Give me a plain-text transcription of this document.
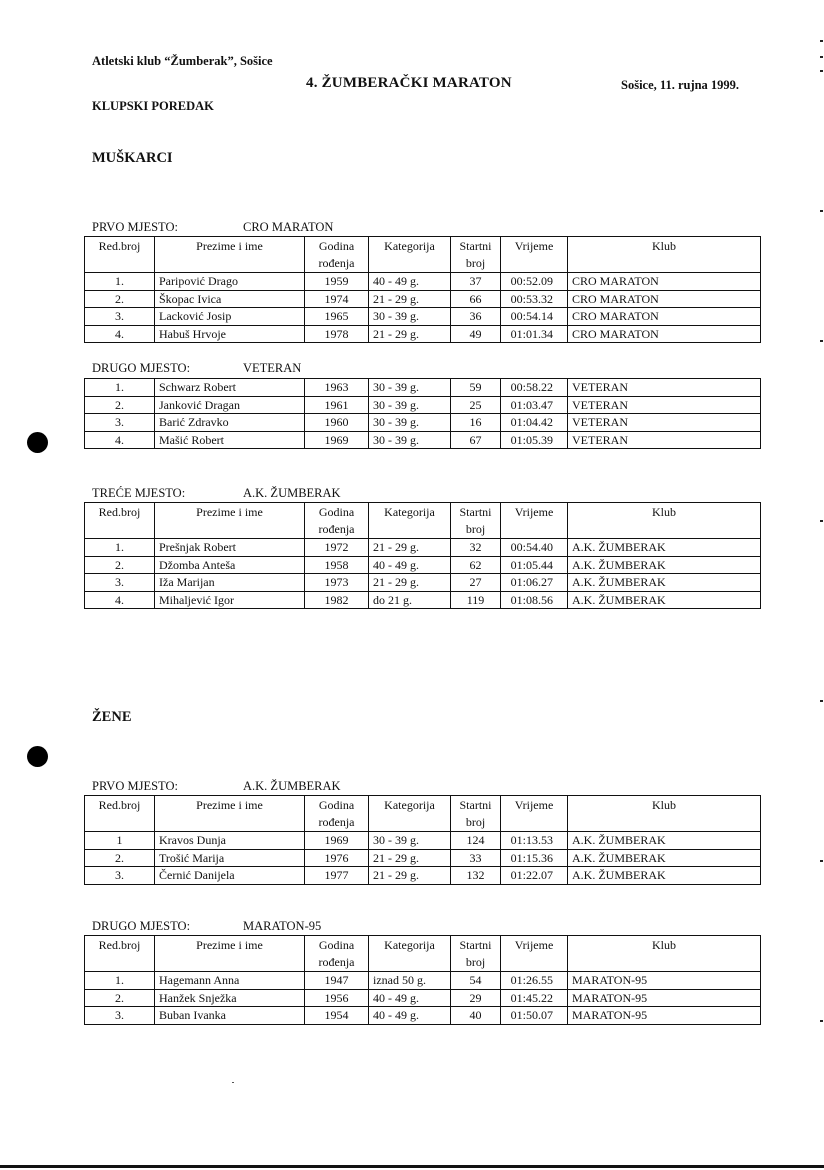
Atletski klub “Žumberak”, Sošice
4. ŽUMBERAČKI MARATON	Sošice, 11. rujna 1999.
KLUPSKI POREDAK
MUŠKARCI
ŽENE
PRVO MJESTO:	CRO MARATON
DRUGO MJESTO:	VETERAN
TREĆE MJESTO:	A.K. ŽUMBERAK
PRVO MJESTO:	A.K. ŽUMBERAK
DRUGO MJESTO:	MARATON-95
Red.broj	Prezime i ime	Godina rođenja	Kategorija	Startni broj	Vrijeme	Klub
1.	Paripović Drago	1959	40 - 49 g.	37	00:52.09	CRO MARATON
2.	Škopac Ivica	1974	21 - 29 g.	66	00:53.32	CRO MARATON
3.	Lacković Josip	1965	30 - 39 g.	36	00:54.14	CRO MARATON
4.	Habuš Hrvoje	1978	21 - 29 g.	49	01:01.34	CRO MARATON
1.	Schwarz Robert	1963	30 - 39 g.	59	00:58.22	VETERAN
2.	Janković Dragan	1961	30 - 39 g.	25	01:03.47	VETERAN
3.	Barić Zdravko	1960	30 - 39 g.	16	01:04.42	VETERAN
4.	Mašić Robert	1969	30 - 39 g.	67	01:05.39	VETERAN
Red.broj	Prezime i ime	Godina rođenja	Kategorija	Startni broj	Vrijeme	Klub
1.	Prešnjak Robert	1972	21 - 29 g.	32	00:54.40	A.K. ŽUMBERAK
2.	Džomba Anteša	1958	40 - 49 g.	62	01:05.44	A.K. ŽUMBERAK
3.	Iža Marijan	1973	21 - 29 g.	27	01:06.27	A.K. ŽUMBERAK
4.	Mihaljević Igor	1982	do 21 g.	119	01:08.56	A.K. ŽUMBERAK
Red.broj	Prezime i ime	Godina rođenja	Kategorija	Startni broj	Vrijeme	Klub
1	Kravos Dunja	1969	30 - 39 g.	124	01:13.53	A.K. ŽUMBERAK
2.	Trošić Marija	1976	21 - 29 g.	33	01:15.36	A.K. ŽUMBERAK
3.	Černić Danijela	1977	21 - 29 g.	132	01:22.07	A.K. ŽUMBERAK
Red.broj	Prezime i ime	Godina rođenja	Kategorija	Startni broj	Vrijeme	Klub
1.	Hagemann Anna	1947	iznad 50 g.	54	01:26.55	MARATON-95
2.	Hanžek Snježka	1956	40 - 49 g.	29	01:45.22	MARATON-95
3.	Buban Ivanka	1954	40 - 49 g.	40	01:50.07	MARATON-95
